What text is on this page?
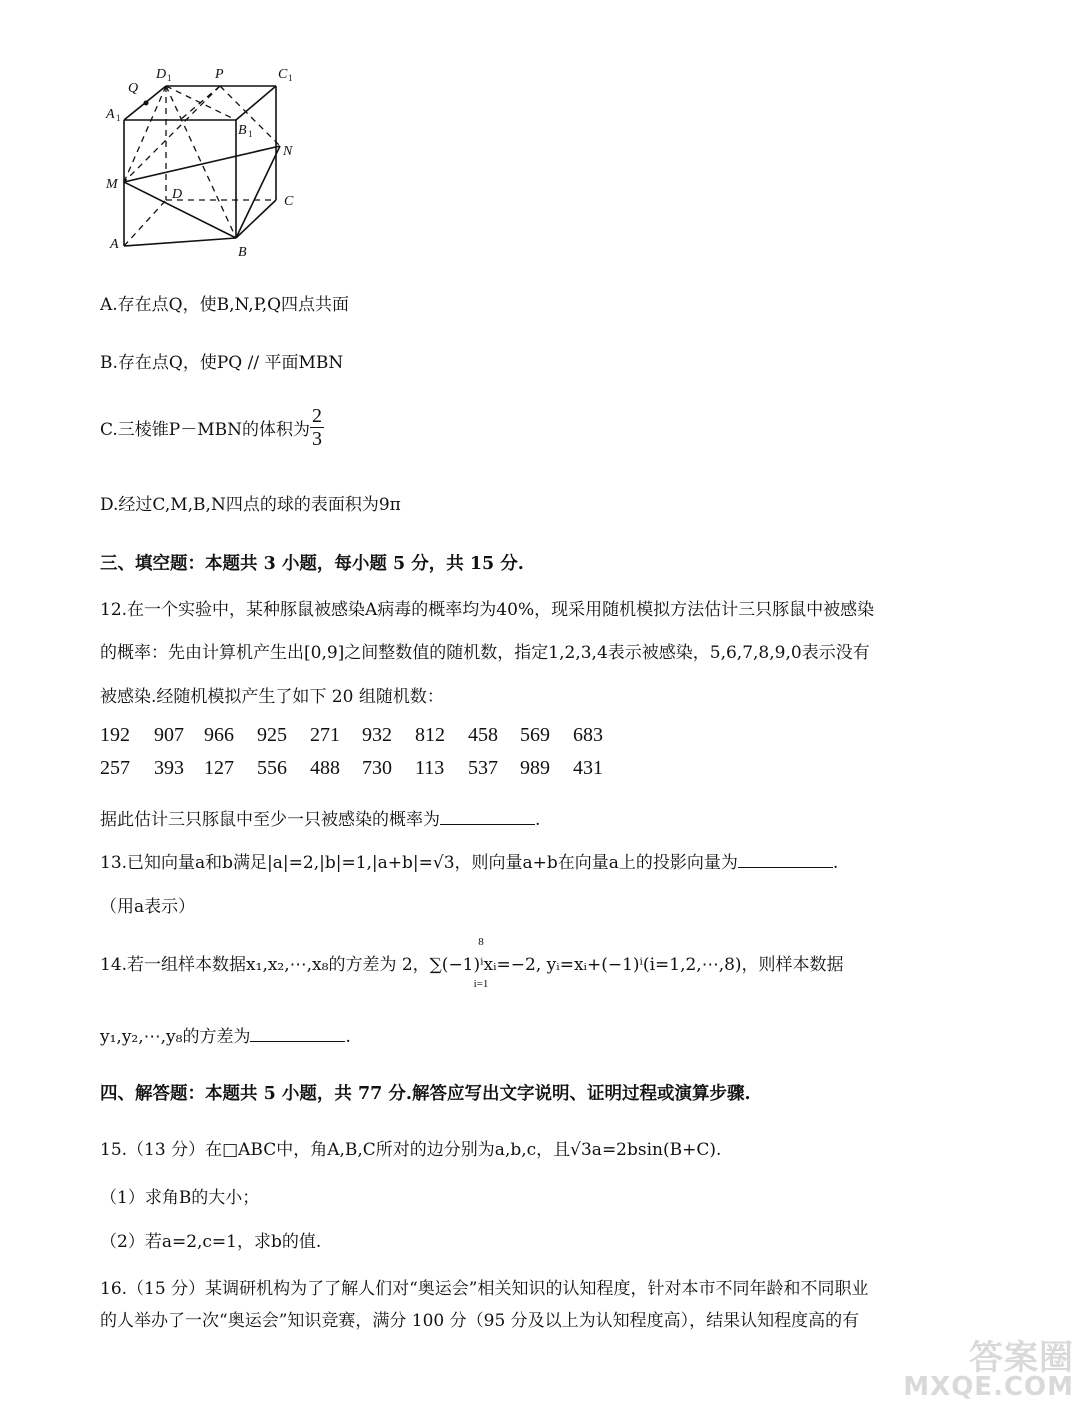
D 1	P	C 1
Q
A 1
B 1
N
M
D	C
A
B
A.存在点Q，使B,N,P,Q四点共面
B.存在点Q，使PQ // 平面MBN
C.三棱锥P－MBN的体积为 $\frac{2}{3}$
D.经过C,M,B,N四点的球的表面积为9π
三、填空题：本题共 3 小题，每小题 5 分，共 15 分.
12.在一个实验中，某种豚鼠被感染A病毒的概率均为40%，现采用随机模拟方法估计三只豚鼠中被感染
的概率：先由计算机产生出[0,9]之间整数值的随机数，指定1,2,3,4表示被感染，5,6,7,8,9,0表示没有
被感染.经随机模拟产生了如下 20 组随机数：
192	907	966	925	271	932	812	458	569	683
257	393	127	556	488	730	113	537	989	431
据此估计三只豚鼠中至少一只被感染的概率为	.
13.已知向量a和b满足|a|=2,|b|=1,|a+b|=√3，则向量a+b在向量a上的投影向量为	.
（用a表示）
8
i=1
14.若一组样本数据x₁,x₂,⋯,x₈的方差为 2，∑(−1)ⁱxᵢ=−2, yᵢ=xᵢ+(−1)ⁱ(i=1,2,⋯,8)，则样本数据
y₁,y₂,⋯,y₈的方差为	.
四、解答题：本题共 5 小题，共 77 分.解答应写出文字说明、证明过程或演算步骤.
15.（13 分）在□ABC中，角A,B,C所对的边分别为a,b,c，且√3a=2bsin(B+C).
（1）求角B的大小；
（2）若a=2,c=1，求b的值.
16.（15 分）某调研机构为了了解人们对“奥运会”相关知识的认知程度，针对本市不同年龄和不同职业
的人举办了一次“奥运会”知识竞赛，满分 100 分（95 分及以上为认知程度高），结果认知程度高的有
答案圈
MXQE.COM
